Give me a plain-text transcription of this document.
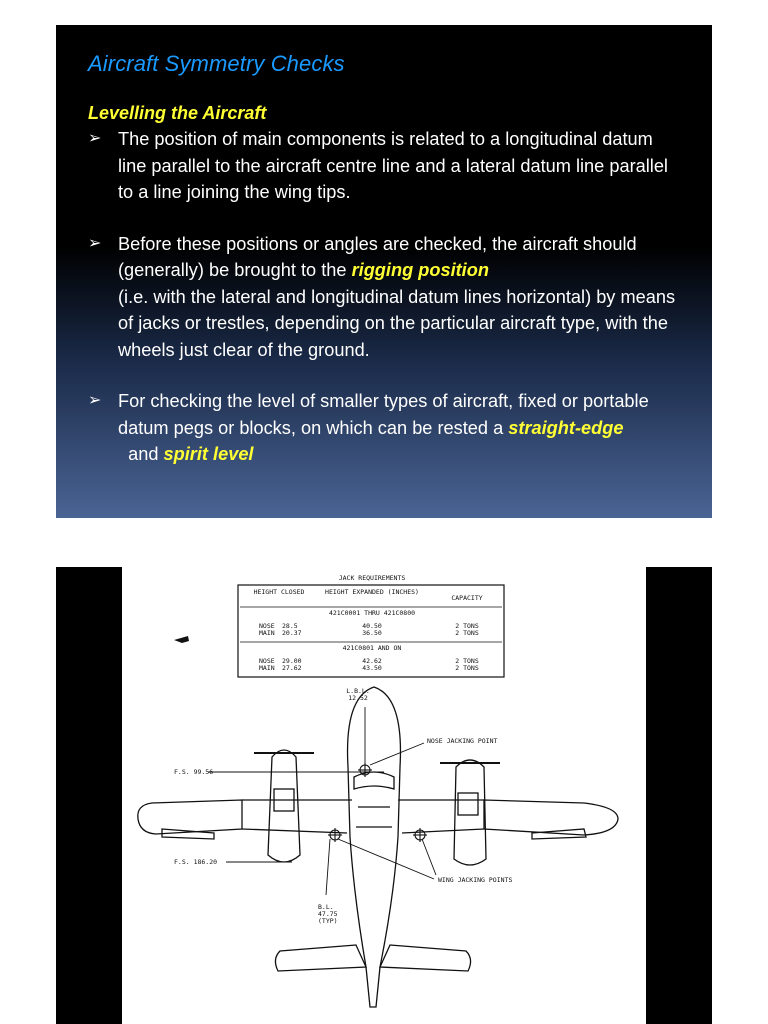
Aircraft Symmetry Checks
Levelling the Aircraft
➢ The position of main components is related to a longitudinal datum line parallel to the aircraft centre line and a lateral datum line parallel to a line joining the wing tips.
➢ Before these positions or angles are checked, the aircraft should (generally) be brought to the rigging position
(i.e. with the lateral and longitudinal datum lines horizontal) by means of jacks or trestles, depending on the particular aircraft type, with the wheels just clear of the ground.
➢ For checking the level of smaller types of aircraft, fixed or portable datum pegs or blocks, on which can be rested a straight-edge  and spirit level
JACK REQUIREMENTS
HEIGHT CLOSED	HEIGHT EXPANDED (INCHES)
CAPACITY
421C0001 THRU 421C0800
NOSE 28.5	40.50	2 TONS
MAIN 20.37	36.50	2 TONS
421C0801 AND ON
NOSE 29.00	42.62	2 TONS
MAIN 27.62	43.50	2 TONS
L.B.L.
12.52
NOSE JACKING POINT
F.S. 99.56
F.S. 186.20
WING JACKING POINTS
B.L.
47.75
(TYP)
